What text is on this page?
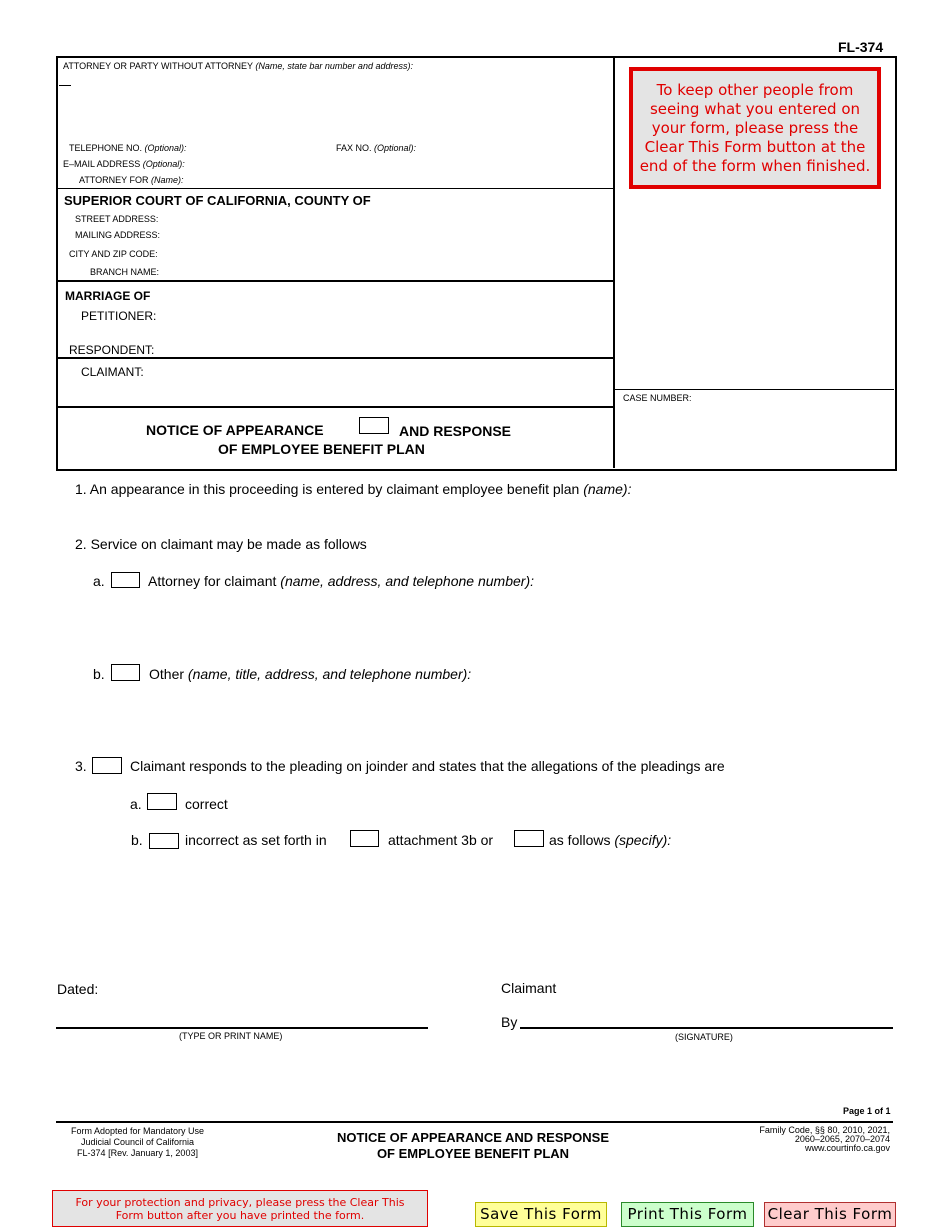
FL-374
ATTORNEY OR PARTY WITHOUT ATTORNEY (Name, state bar number and address):
TELEPHONE NO. (Optional):	FAX NO. (Optional):
E–MAIL ADDRESS (Optional):
ATTORNEY FOR (Name):
SUPERIOR COURT OF CALIFORNIA, COUNTY OF
STREET ADDRESS:
MAILING ADDRESS:
CITY AND ZIP CODE:
BRANCH NAME:
MARRIAGE OF
PETITIONER:
RESPONDENT:
CLAIMANT:
NOTICE OF APPEARANCE	AND RESPONSE
OF EMPLOYEE BENEFIT PLAN
To keep other people from seeing what you entered on your form, please press the Clear This Form button at the end of the form when finished.
CASE NUMBER:
1. An appearance in this proceeding is entered by claimant employee benefit plan (name):
2. Service on claimant may be made as follows
a.	Attorney for claimant (name, address, and telephone number):
b.	Other (name, title, address, and telephone number):
3.	Claimant responds to the pleading on joinder and states that the allegations of the pleadings are
a.	correct
b.	incorrect as set forth in	attachment 3b or	as follows (specify):
Dated:	Claimant
(TYPE OR PRINT NAME)
By
(SIGNATURE)
Page 1 of 1
Form Adopted for Mandatory Use
Judicial Council of California
FL-374 [Rev. January 1, 2003]
NOTICE OF APPEARANCE AND RESPONSE
OF EMPLOYEE BENEFIT PLAN
Family Code, §§ 80, 2010, 2021,
2060–2065, 2070–2074
www.courtinfo.ca.gov
For your protection and privacy, please press the Clear This Form button after you have printed the form.	Save This Form	Print This Form	Clear This Form
